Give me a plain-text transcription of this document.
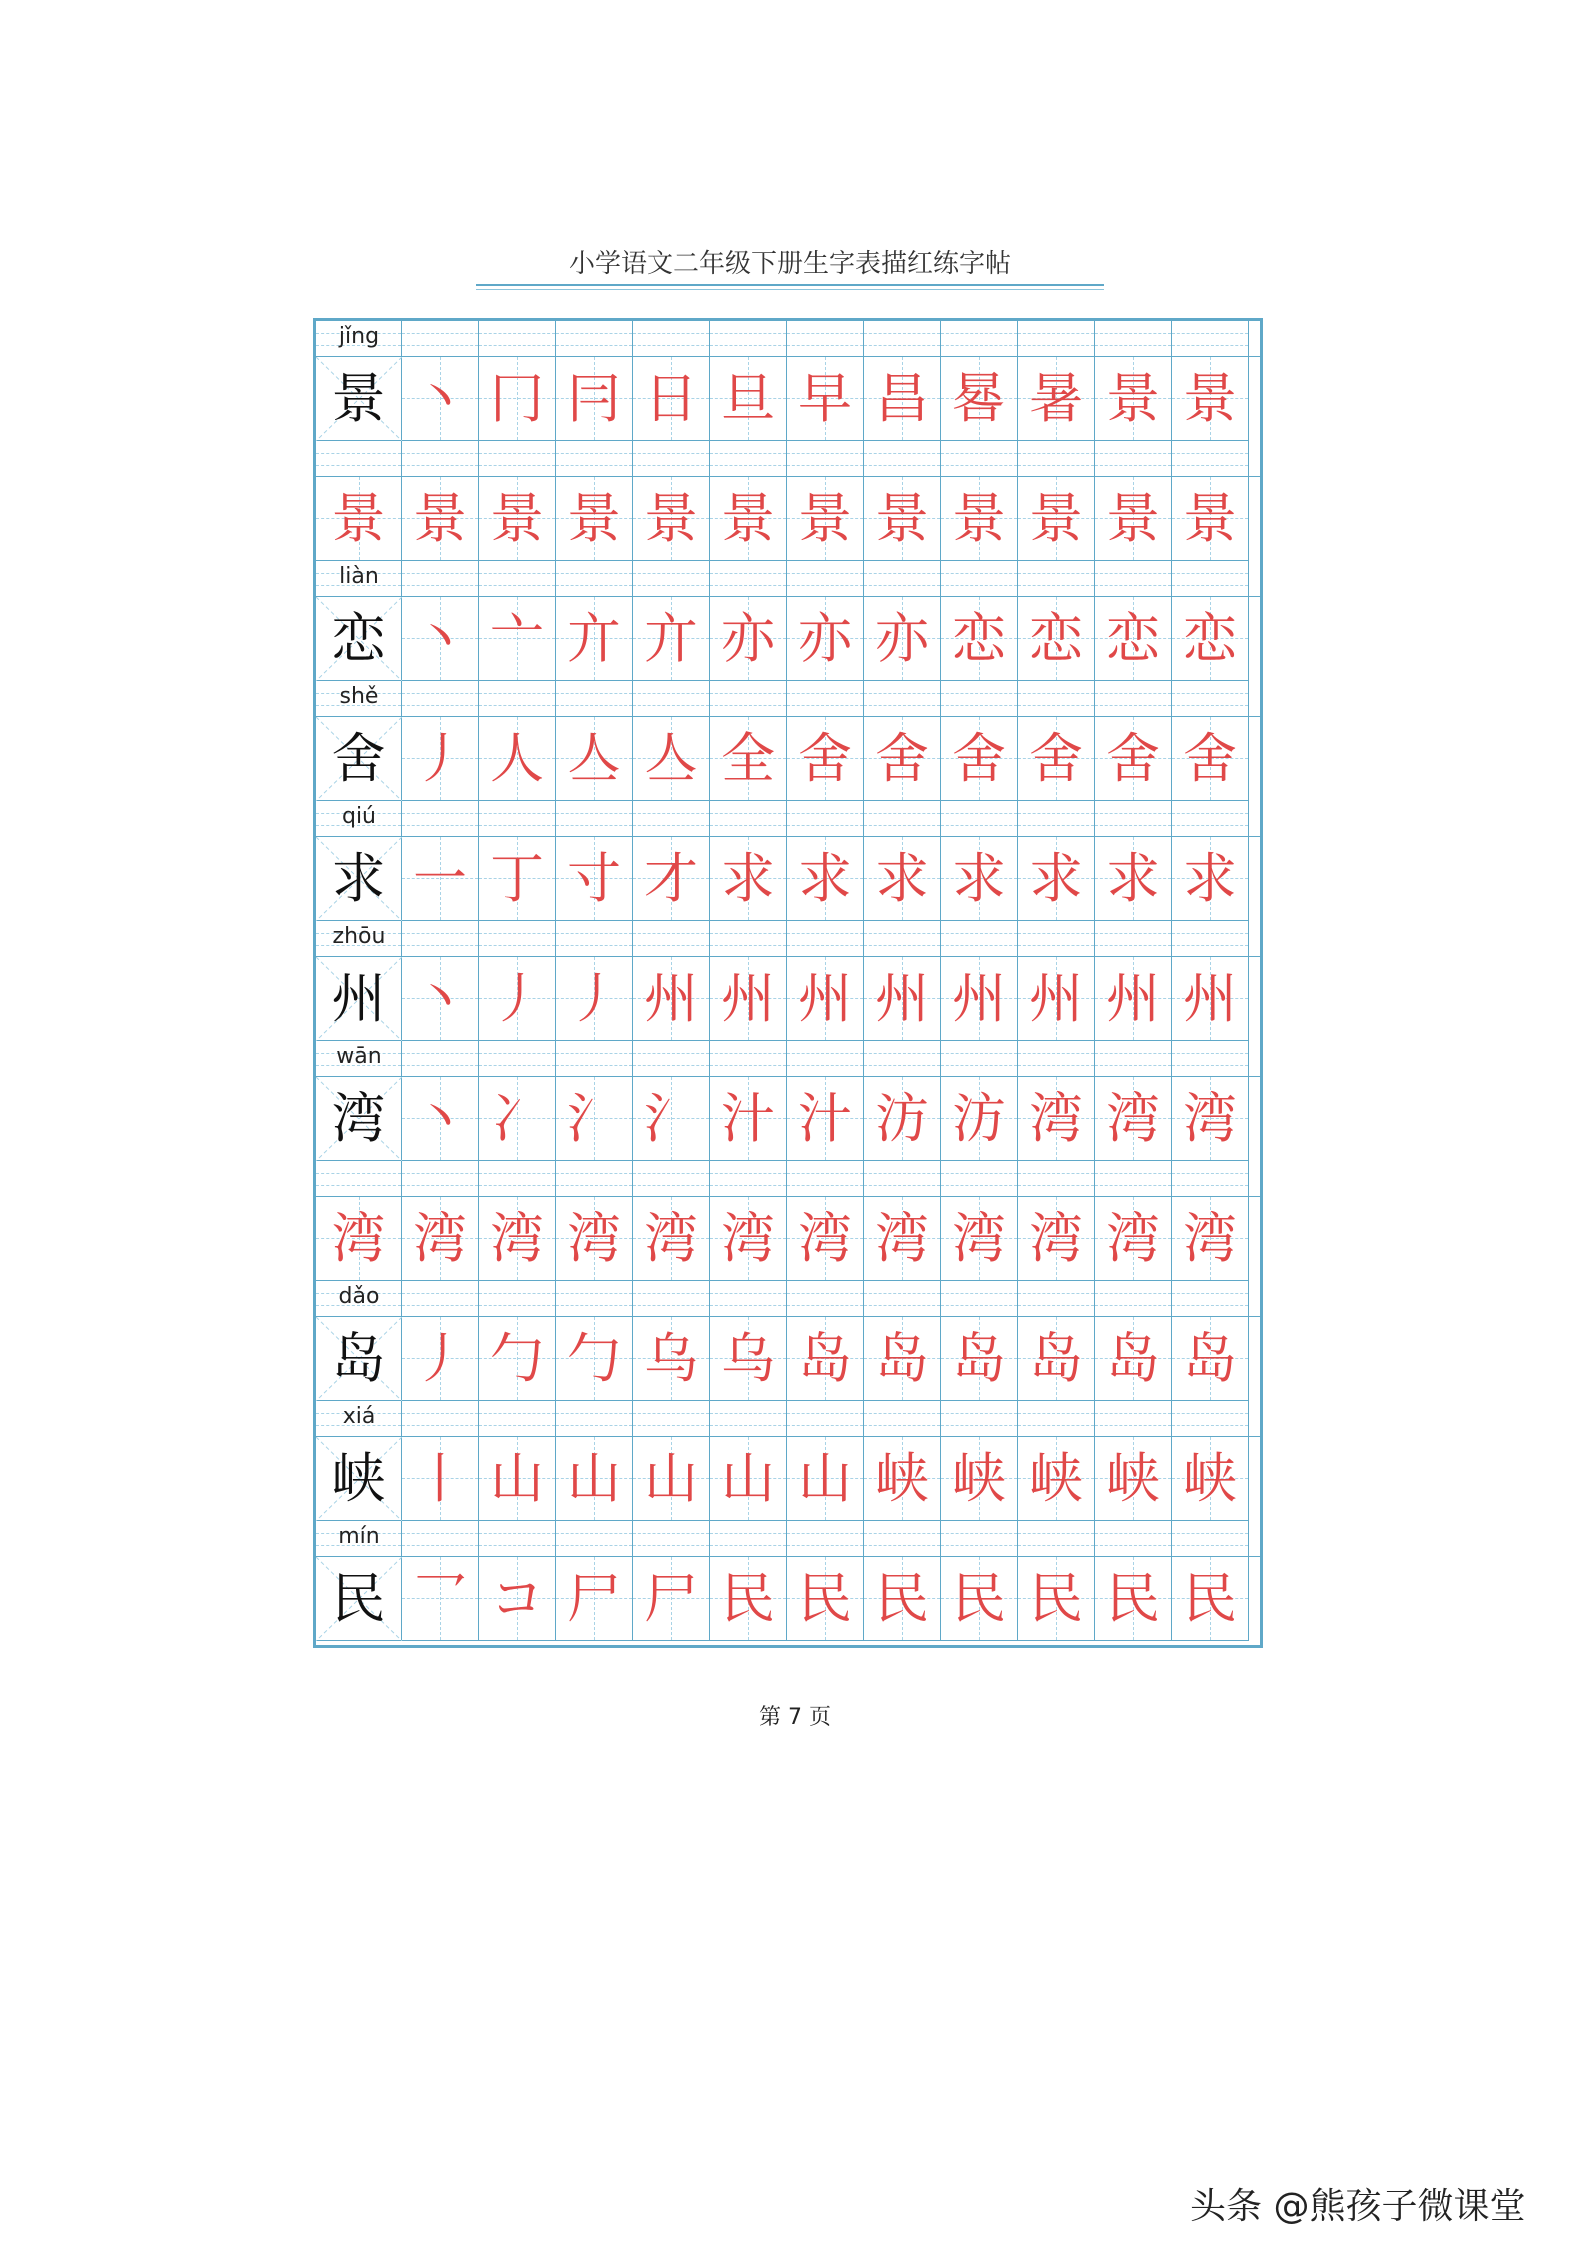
小学语文二年级下册生字表描红练字帖
jǐng
景 丶 冂 冃 日 旦 早 昌 晷 暑 景 景
景 景 景 景 景 景 景 景 景 景 景 景
liàn
恋 丶 亠 亣 亣 亦 亦 亦 恋 恋 恋 恋
shě
舍 丿 人 亼 亼 全 舍 舍 舍 舍 舍 舍
qiú
求 一 丁 寸 才 求 求 求 求 求 求 求
zhōu
州 丶 丿 丿 州 州 州 州 州 州 州 州
wān
湾 丶 冫 氵 氵 汁 汁 汸 汸 湾 湾 湾
湾 湾 湾 湾 湾 湾 湾 湾 湾 湾 湾 湾
dǎo
岛 丿 勹 勹 乌 乌 岛 岛 岛 岛 岛 岛
xiá
峡 丨 山 山 山 山 山 峡 峡 峡 峡 峡
mín
民 乛 コ 尸 尸 民 民 民 民 民 民 民
第 7 页
头条 @熊孩子微课堂
